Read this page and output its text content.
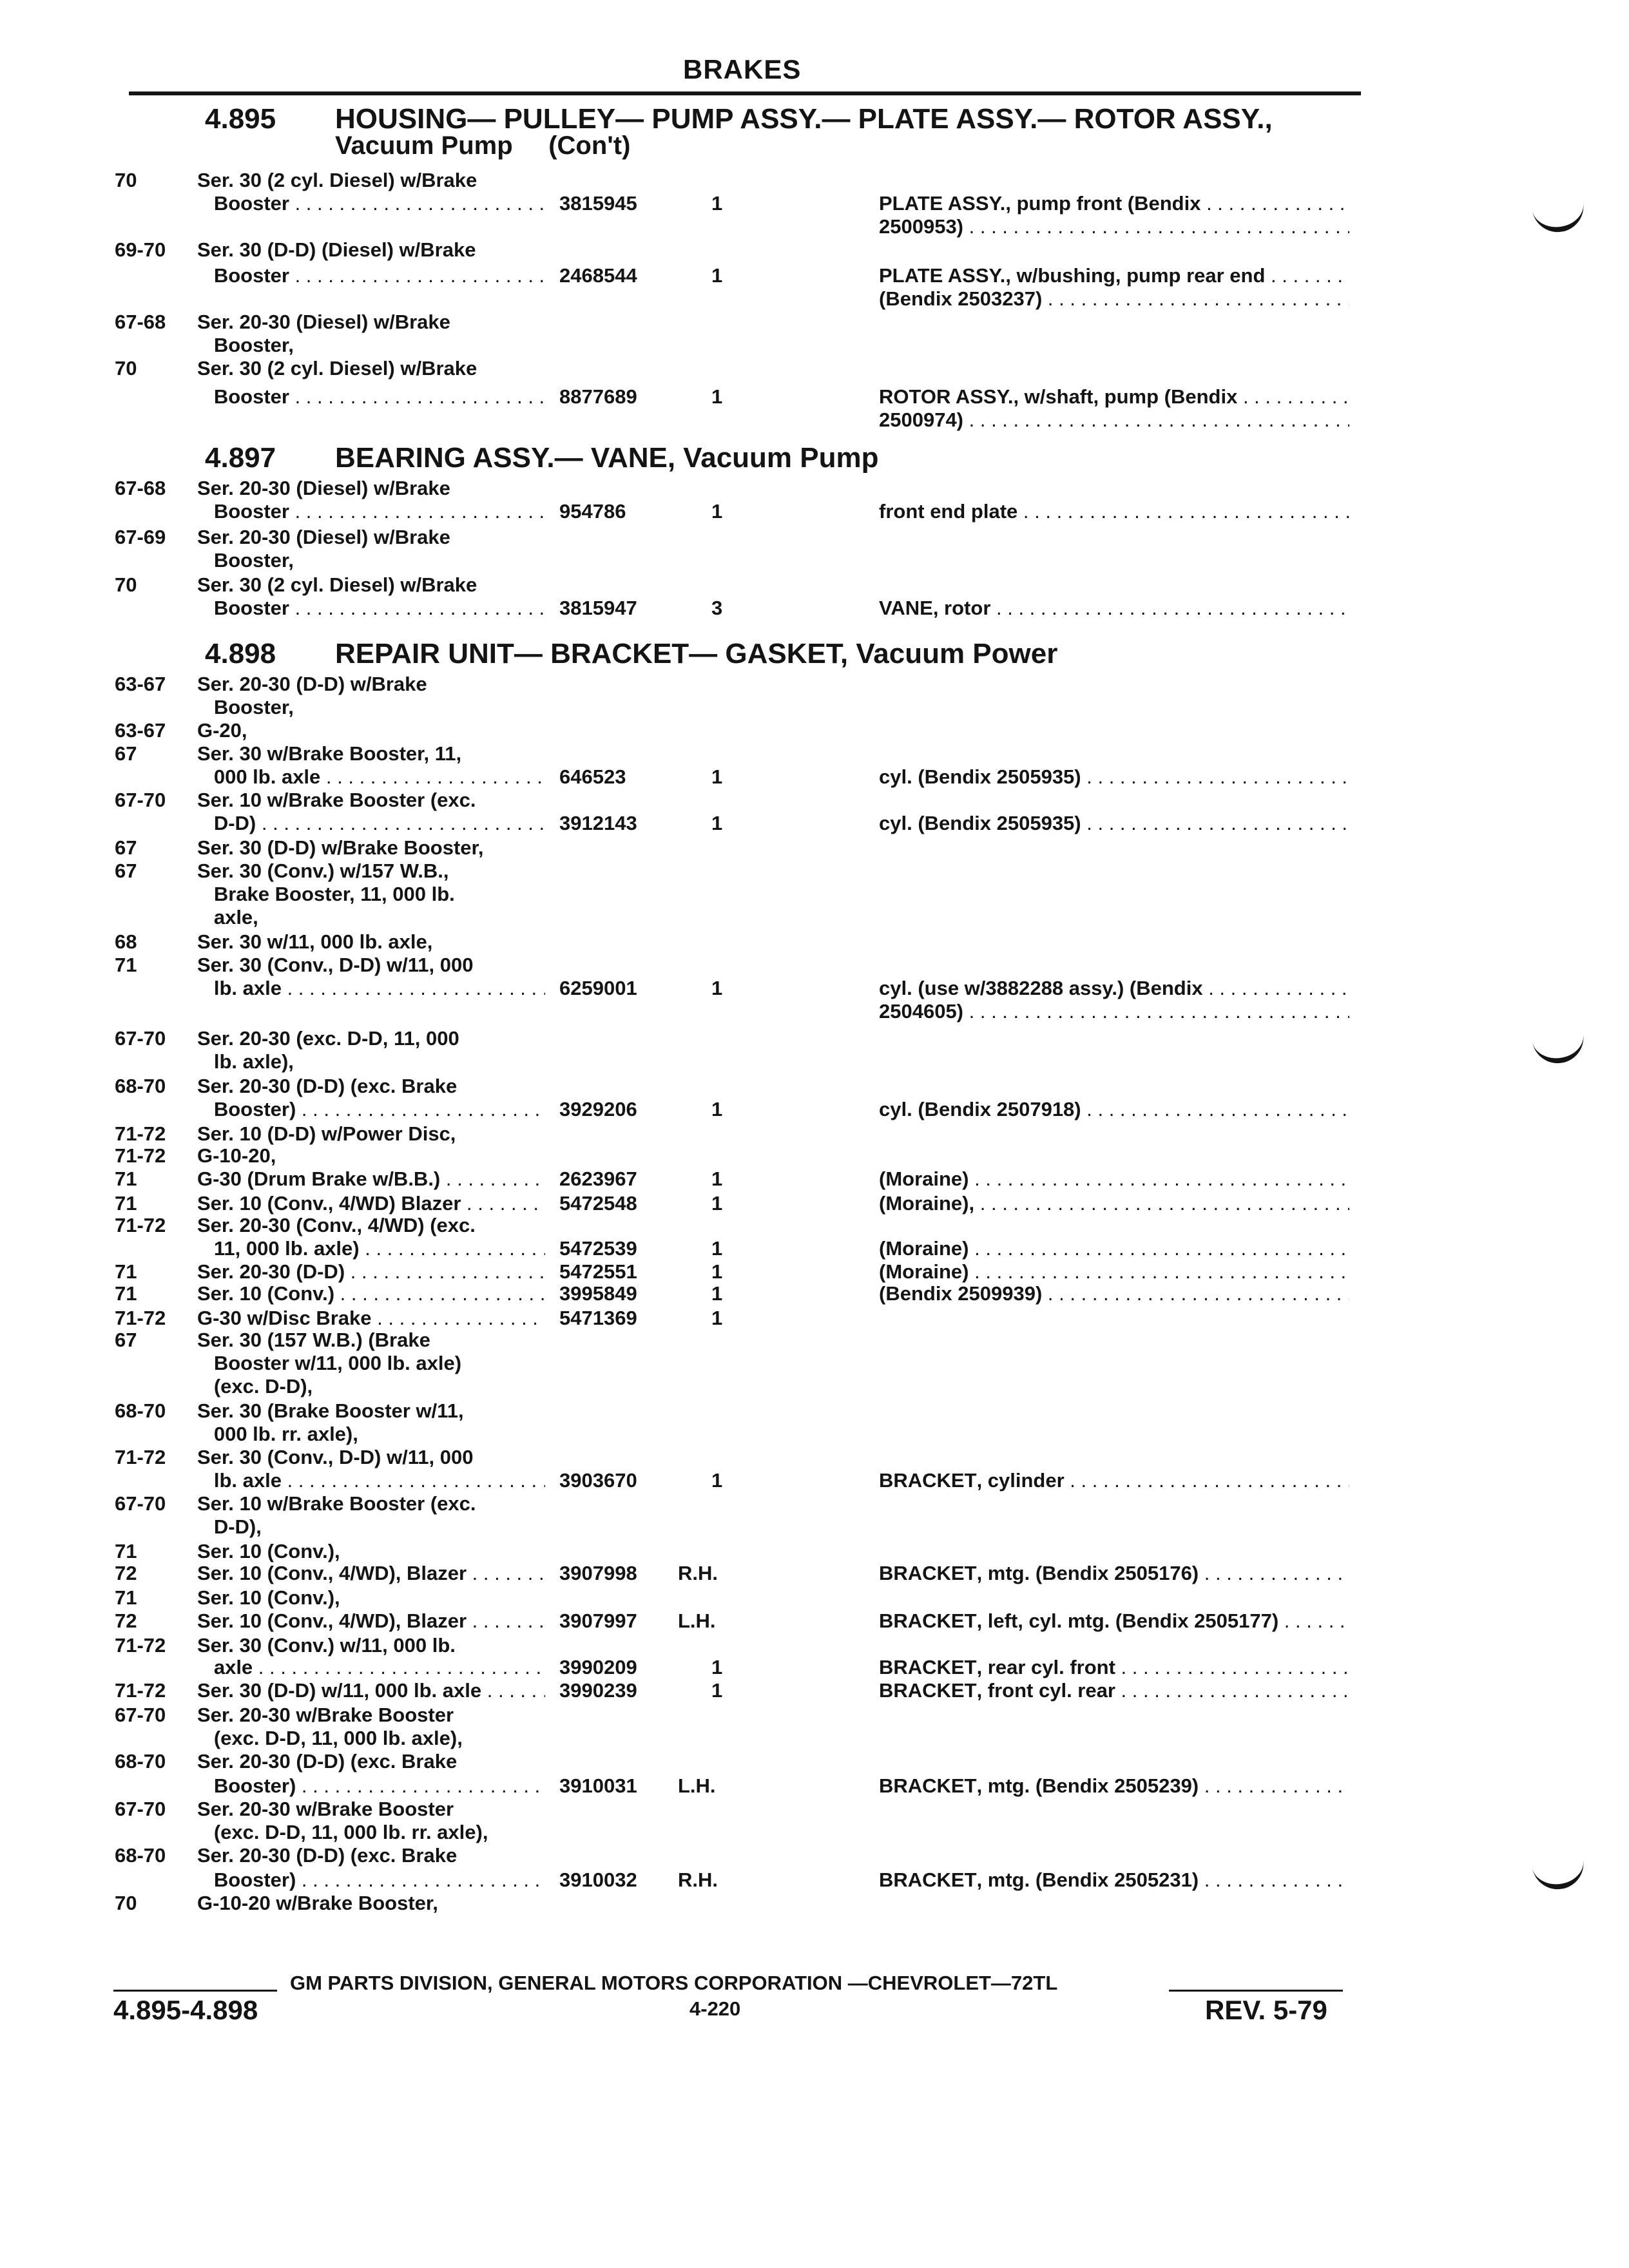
BRAKES
4.895 HOUSING— PULLEY— PUMP ASSY.— PLATE ASSY.— ROTOR ASSY.,
Vacuum Pump     (Con't)
4.897 BEARING ASSY.— VANE, Vacuum Pump
4.898 REPAIR UNIT— BRACKET— GASKET, Vacuum Power
70	Ser. 30 (2 cyl. Diesel) w/Brake
Booster . . .	3815945	1	PLATE ASSY., pump front (Bendix . . .
2500953) . . .
69-70 Ser. 30 (D-D) (Diesel) w/Brake
Booster . . .	2468544	1	PLATE ASSY., w/bushing, pump rear end . . .
(Bendix 2503237) . . .
67-68 Ser. 20-30 (Diesel) w/Brake
Booster,
70	Ser. 30 (2 cyl. Diesel) w/Brake
Booster . . .	8877689	1	ROTOR ASSY., w/shaft, pump (Bendix . . .
2500974) . . .
67-68 Ser. 20-30 (Diesel) w/Brake
Booster . . .	954786	1	front end plate . . .
67-69 Ser. 20-30 (Diesel) w/Brake
Booster,
70	Ser. 30 (2 cyl. Diesel) w/Brake
Booster . . .	3815947	3	VANE, rotor . . .
63-67 Ser. 20-30 (D-D) w/Brake
Booster,
63-67 G-20,
67	Ser. 30 w/Brake Booster, 11,
000 lb. axle . . .	646523	1	cyl. (Bendix 2505935) . . .
67-70 Ser. 10 w/Brake Booster (exc.
D-D) . . .	3912143	1	cyl. (Bendix 2505935) . . .
67	Ser. 30 (D-D) w/Brake Booster,
67	Ser. 30 (Conv.) w/157 W.B.,
Brake Booster, 11, 000 lb.
axle,
68	Ser. 30 w/11, 000 lb. axle,
71	Ser. 30 (Conv., D-D) w/11, 000
lb. axle . . .	6259001	1	cyl. (use w/3882288 assy.) (Bendix . . .
2504605) . . .
67-70 Ser. 20-30 (exc. D-D, 11, 000
lb. axle),
68-70 Ser. 20-30 (D-D) (exc. Brake
Booster) . . .	3929206	1	cyl. (Bendix 2507918) . . .
71-72 Ser. 10 (D-D) w/Power Disc,
71-72 G-10-20,
71	G-30 (Drum Brake w/B.B.) . . .	2623967	1	(Moraine) . . .
71	Ser. 10 (Conv., 4/WD) Blazer . . .	5472548	1	(Moraine), . . .
71-72 Ser. 20-30 (Conv., 4/WD) (exc.
11, 000 lb. axle) . . .	5472539	1	(Moraine) . . .
71	Ser. 20-30 (D-D) . . .	5472551	1	(Moraine) . . .
71	Ser. 10 (Conv.) . . .	3995849	1	(Bendix 2509939) . . .
71-72 G-30 w/Disc Brake . . .	5471369	1
67	Ser. 30 (157 W.B.) (Brake
Booster w/11, 000 lb. axle)
(exc. D-D),
68-70 Ser. 30 (Brake Booster w/11,
000 lb. rr. axle),
71-72 Ser. 30 (Conv., D-D) w/11, 000
lb. axle . . .	3903670	1	BRACKET, cylinder . . .
67-70 Ser. 10 w/Brake Booster (exc.
D-D),
71	Ser. 10 (Conv.),
72	Ser. 10 (Conv., 4/WD), Blazer . . .	3907998 R.H.	BRACKET, mtg. (Bendix 2505176) . . .
71	Ser. 10 (Conv.),
72	Ser. 10 (Conv., 4/WD), Blazer . . .	3907997 L.H.	BRACKET, left, cyl. mtg. (Bendix 2505177) . . .
71-72 Ser. 30 (Conv.) w/11, 000 lb.
axle . . .	3990209	1	BRACKET, rear cyl. front . . .
71-72 Ser. 30 (D-D) w/11, 000 lb. axle . . .	3990239	1	BRACKET, front cyl. rear . . .
67-70 Ser. 20-30 w/Brake Booster
(exc. D-D, 11, 000 lb. axle),
68-70 Ser. 20-30 (D-D) (exc. Brake
Booster) . . .	3910031 L.H.	BRACKET, mtg. (Bendix 2505239) . . .
67-70 Ser. 20-30 w/Brake Booster
(exc. D-D, 11, 000 lb. rr. axle),
68-70 Ser. 20-30 (D-D) (exc. Brake
Booster) . . .	3910032 R.H.	BRACKET, mtg. (Bendix 2505231) . . .
70	G-10-20 w/Brake Booster,
GM PARTS DIVISION, GENERAL MOTORS CORPORATION —CHEVROLET—72TL
4.895-4.898	4-220	REV. 5-79
